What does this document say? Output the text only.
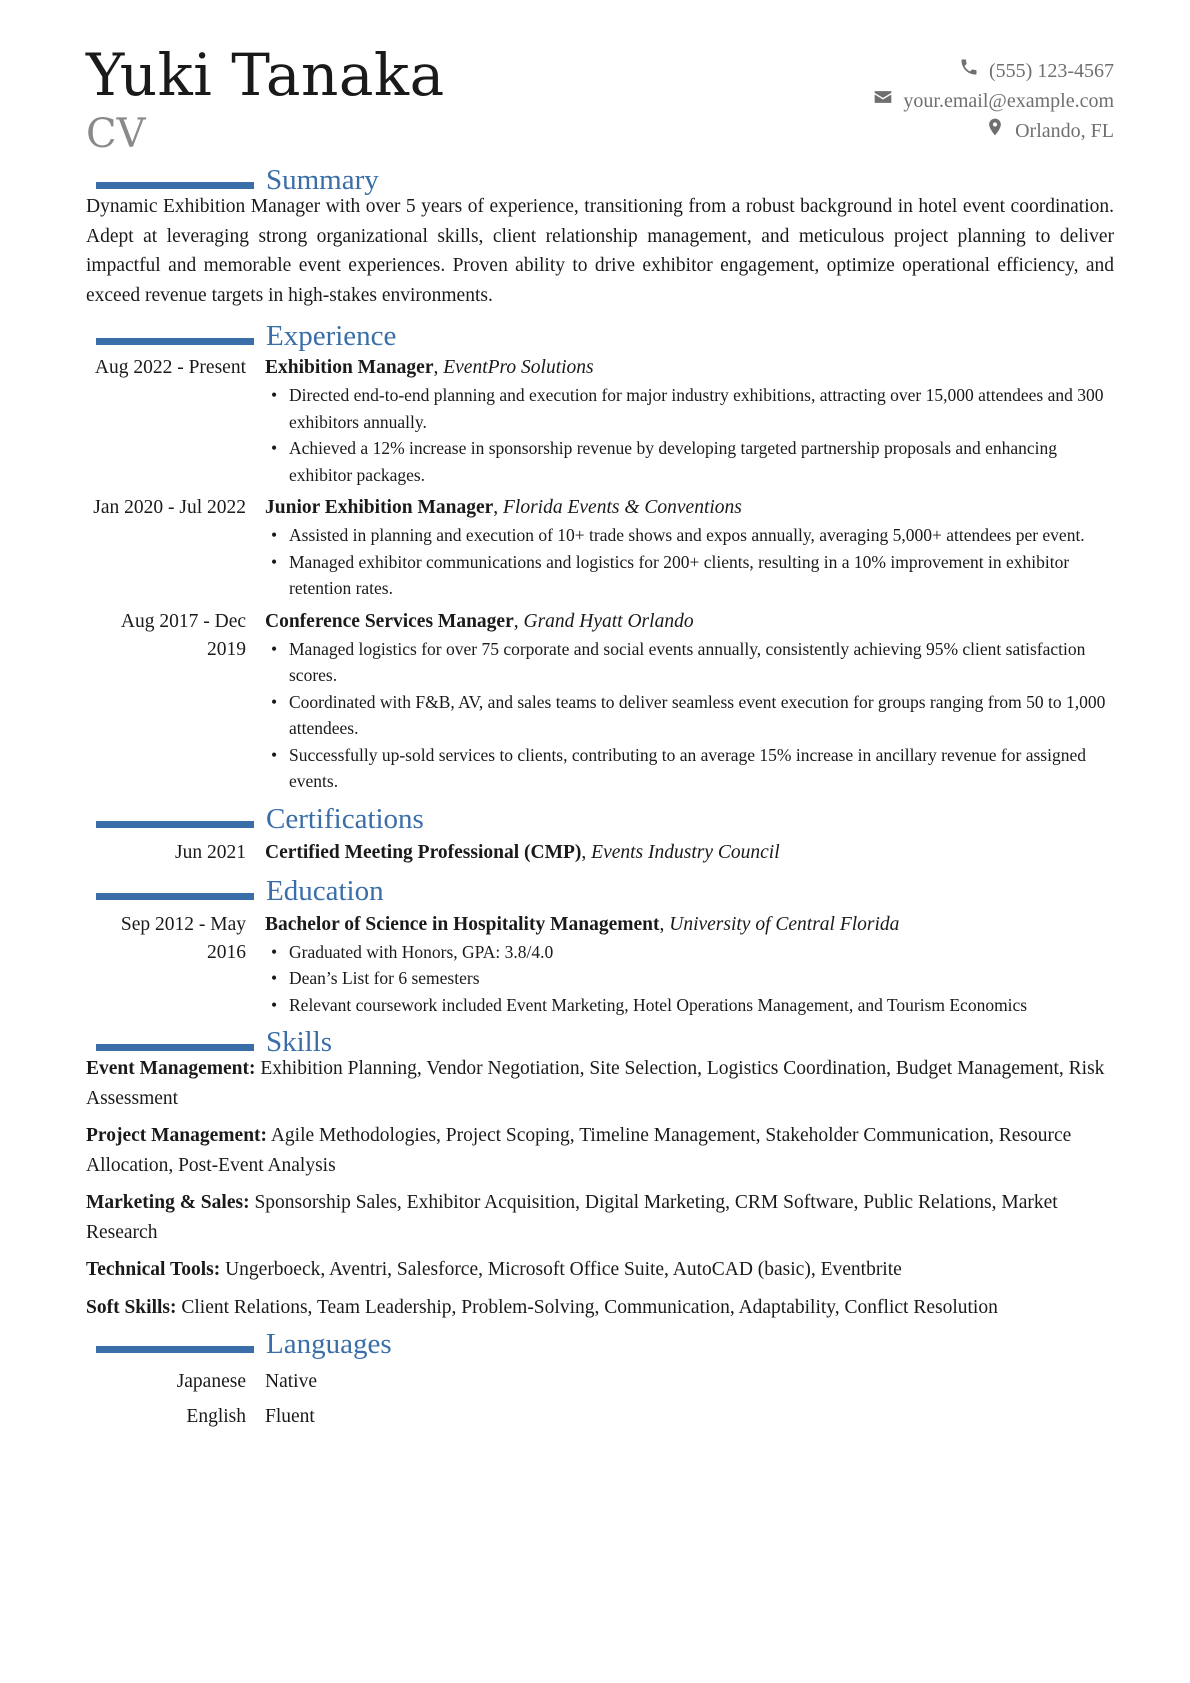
Yuki Tanaka
CV
(555) 123-4567
your.email@example.com
Orlando, FL
Summary

Dynamic Exhibition Manager with over 5 years of experience, transitioning from a robust background in hotel event coordination. Adept at leveraging strong organizational skills, client relationship management, and meticulous project planning to deliver impactful and memorable event experiences. Proven ability to drive exhibitor engagement, optimize operational efficiency, and exceed revenue targets in high-stakes environments.

Experience
Aug 2022 - Present Exhibition Manager, EventPro Solutions
• Directed end-to-end planning and execution for major industry exhibitions, attracting over 15,000 attendees and 300 exhibitors annually.
• Achieved a 12% increase in sponsorship revenue by developing targeted partnership proposals and enhancing exhibitor packages.
Jan 2020 - Jul 2022 Junior Exhibition Manager, Florida Events & Conventions
• Assisted in planning and execution of 10+ trade shows and expos annually, averaging 5,000+ attendees per event.
• Managed exhibitor communications and logistics for 200+ clients, resulting in a 10% improvement in exhibitor retention rates.
Aug 2017 - Dec 2019
Conference Services Manager, Grand Hyatt Orlando
• Managed logistics for over 75 corporate and social events annually, consistently achieving 95% client satisfaction scores.
• Coordinated with F&B, AV, and sales teams to deliver seamless event execution for groups ranging from 50 to 1,000 attendees.
• Successfully up-sold services to clients, contributing to an average 15% increase in ancillary revenue for assigned events.
Certifications
Jun 2021 Certified Meeting Professional (CMP), Events Industry Council
Education
Sep 2012 - May 2016
Bachelor of Science in Hospitality Management, University of Central Florida
• Graduated with Honors, GPA: 3.8/4.0
• Dean’s List for 6 semesters
• Relevant coursework included Event Marketing, Hotel Operations Management, and Tourism Economics
Skills
Event Management: Exhibition Planning, Vendor Negotiation, Site Selection, Logistics Coordination, Budget Management, Risk Assessment
Project Management: Agile Methodologies, Project Scoping, Timeline Management, Stakeholder Communication, Resource Allocation, Post-Event Analysis
Marketing & Sales: Sponsorship Sales, Exhibitor Acquisition, Digital Marketing, CRM Software, Public Relations, Market Research
Technical Tools: Ungerboeck, Aventri, Salesforce, Microsoft Office Suite, AutoCAD (basic), Eventbrite
Soft Skills: Client Relations, Team Leadership, Problem-Solving, Communication, Adaptability, Conflict Resolution
Languages
Japanese Native
English Fluent
